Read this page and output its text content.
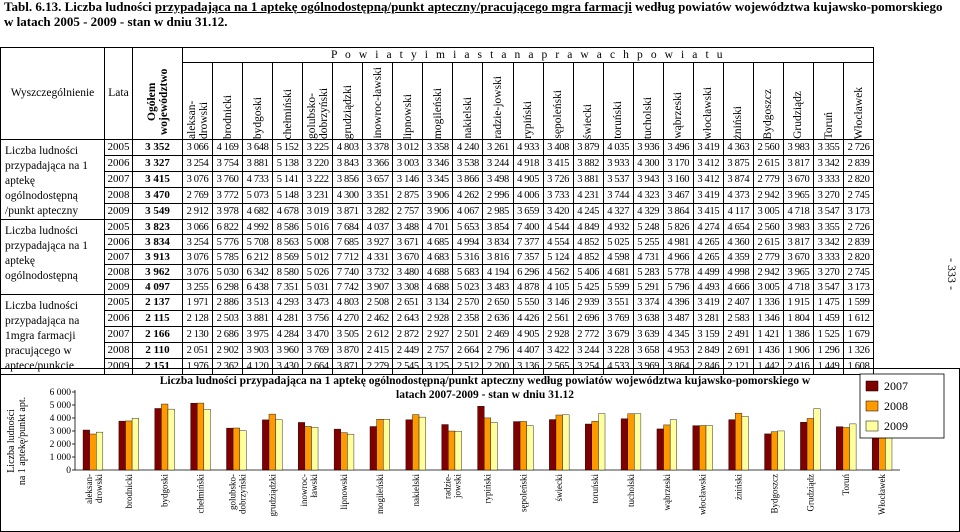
Tabl. 6.13. Liczba ludności przypadająca na 1 aptekę ogólnodostępną/punkt apteczny/pracującego mgra farmacji według powiatów województwa kujawsko-pomorskiego w latach 2005 - 2009 - stan w dniu 31.12.
Wyszczególnienie	Lata	Ogółem województwo	P o w i a t y i m i a s t a n a p r a w a c h p o w i a t u																						

			aleksan-drowski	brodnicki	bydgoski	chełmiński	golubsko-dobrzyński	grudziądzki	inowroc-ławski	lipnowski	mogileński	nakielski	radzie-jowski	rypiński	sępoleński	świecki	toruński	tucholski	wąbrzeski	włocławski	żniński	Bydgoszcz	Grudziądz	Toruń	Włocławek

Liczba ludności przypadająca na 1 aptekę ogólnodostępną /punkt apteczny	2005	3 352	3 066	4 169	3 648	5 152	3 225	4 803	3 378	3 012	3 358	4 240	3 261	4 933	3 408	3 879	4 035	3 936	3 496	3 419	4 363	2 560	3 983	3 355	2 726
	2006	3 327	3 254	3 754	3 881	5 138	3 220	3 843	3 366	3 003	3 346	3 538	3 244	4 918	3 415	3 882	3 933	4 300	3 170	3 412	3 875	2 615	3 817	3 342	2 839
	2007	3 415	3 076	3 760	4 733	5 141	3 222	3 856	3 657	3 146	3 345	3 866	3 498	4 905	3 726	3 881	3 537	3 943	3 160	3 412	3 874	2 779	3 670	3 333	2 820
	2008	3 470	2 769	3 772	5 073	5 148	3 231	4 300	3 351	2 875	3 906	4 262	2 996	4 006	3 733	4 231	3 744	4 323	3 467	3 419	4 373	2 942	3 965	3 270	2 745
	2009	3 549	2 912	3 978	4 682	4 678	3 019	3 871	3 282	2 757	3 906	4 067	2 985	3 659	3 420	4 245	4 327	4 329	3 864	3 415	4 117	3 005	4 718	3 547	3 173

Liczba ludności przypadająca na 1 aptekę ogólnodostępną	2005	3 823	3 066	6 822	4 992	8 586	5 016	7 684	4 037	3 488	4 701	5 653	3 854	7 400	4 544	4 849	4 932	5 248	5 826	4 274	4 654	2 560	3 983	3 355	2 726
	2006	3 834	3 254	5 776	5 708	8 563	5 008	7 685	3 927	3 671	4 685	4 994	3 834	7 377	4 554	4 852	5 025	5 255	4 981	4 265	4 360	2 615	3 817	3 342	2 839
	2007	3 913	3 076	5 785	6 212	8 569	5 012	7 712	4 331	3 670	4 683	5 316	3 816	7 357	5 124	4 852	4 598	4 731	4 966	4 265	4 359	2 779	3 670	3 333	2 820
	2008	3 962	3 076	5 030	6 342	8 580	5 026	7 740	3 732	3 480	4 688	5 683	4 194	6 296	4 562	5 406	4 681	5 283	5 778	4 499	4 998	2 942	3 965	3 270	2 745
	2009	4 097	3 255	6 298	6 438	7 351	5 031	7 742	3 907	3 308	4 688	5 023	3 483	4 878	4 105	5 425	5 599	5 291	5 796	4 493	4 666	3 005	4 718	3 547	3 173

Liczba ludności przypadająca na 1mgra farmacji pracującego w aptece/punkcie	2005	2 137	1 971	2 886	3 513	4 293	3 473	4 803	2 508	2 651	3 134	2 570	2 650	5 550	3 146	2 939	3 551	3 374	4 396	3 419	2 407	1 336	1 915	1 475	1 599
	2006	2 115	2 128	2 503	3 881	4 281	3 756	4 270	2 462	2 643	2 928	2 358	2 636	4 426	2 561	2 696	3 769	3 638	3 487	3 281	2 583	1 346	1 804	1 459	1 612
	2007	2 166	2 130	2 686	3 975	4 284	3 470	3 505	2 612	2 872	2 927	2 501	2 469	4 905	2 928	2 772	3 679	3 639	4 345	3 159	2 491	1 421	1 386	1 525	1 679
	2008	2 110	2 051	2 902	3 903	3 960	3 769	3 870	2 415	2 449	2 757	2 664	2 796	4 407	3 422	3 244	3 228	3 658	4 953	2 849	2 691	1 436	1 906	1 296	1 326
	2009	2 151	1 976	2 362	4 120	3 430	2 664	3 871	2 279	2 545	3 125	2 512	2 200	3 136	2 565	3 254	4 533	3 969	3 864	2 846	2 121	1 442	2 416	1 449	1 608
- 333 -
Liczba ludności przypadająca na 1 aptekę ogólnodostępną/punkt apteczny według powiatów województwa kujawsko-pomorskiego w latach 2007-2009 - stan w dniu 31.12
Liczba ludnościna 1 aptekę/punkt apt.	0
1 000
2 000
3 000
4 000
5 000
6 000
aleksan-drowski brodnicki	bydgoski	chełmiński golubsko-dobrzyński grudziądzki inowroc-ławski lipnowski	mogileński	nakielski radzie-jowski rypiński	sępoleński	świecki	toruński	tucholski	wąbrzeski	włocławski	żniński	Bydgoszcz	Grudziądz	Toruń	Włocławek
2007
2008
2009
